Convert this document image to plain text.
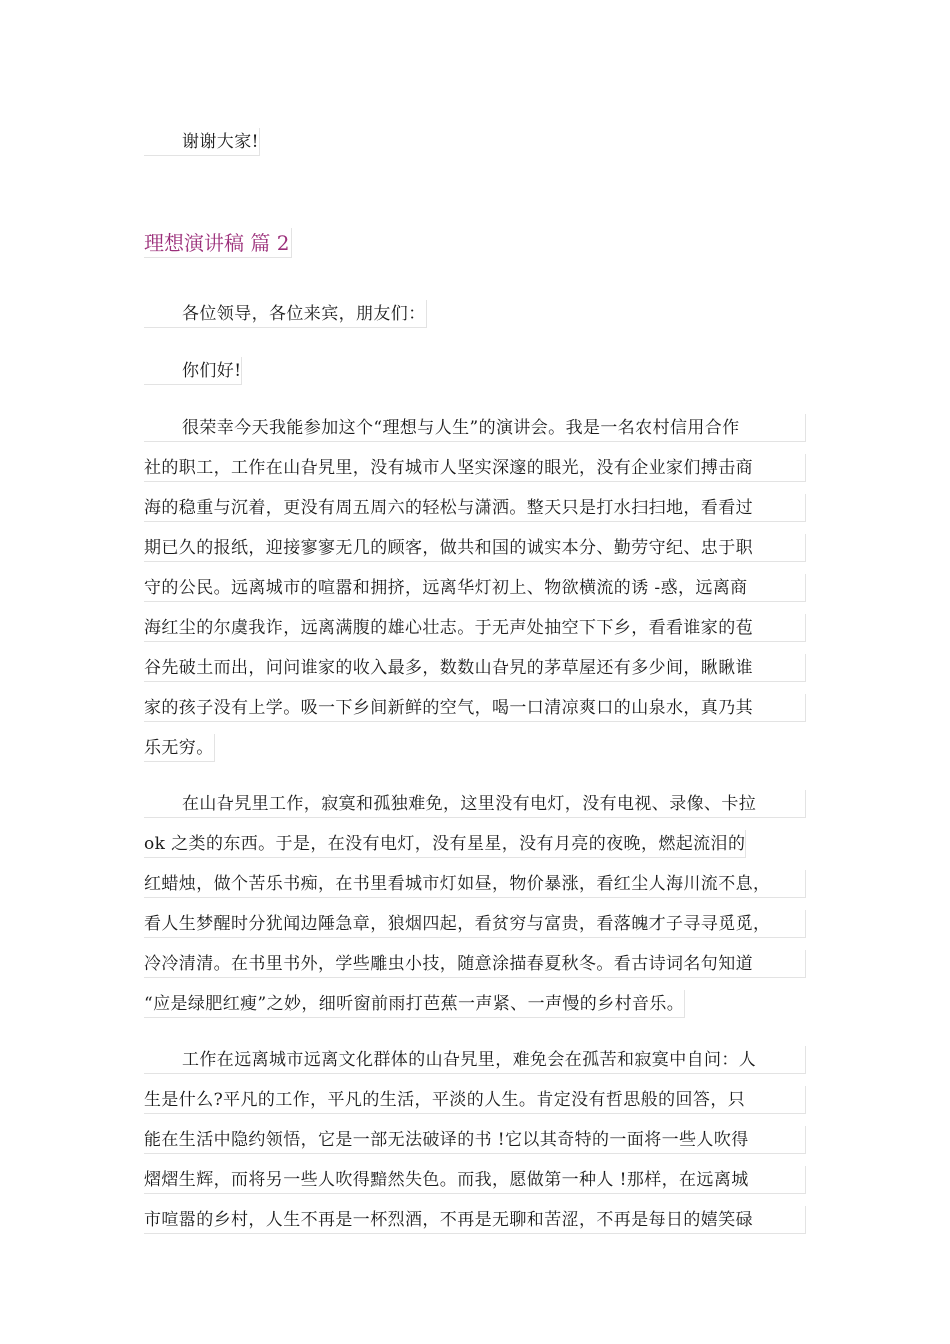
谢谢大家!
理想演讲稿 篇 2
各位领导，各位来宾，朋友们：
你们好!
很荣幸今天我能参加这个“理想与人生”的演讲会。我是一名农村信用合作
社的职工，工作在山旮旯里，没有城市人坚实深邃的眼光，没有企业家们搏击商
海的稳重与沉着，更没有周五周六的轻松与潇洒。整天只是打水扫扫地，看看过
期已久的报纸，迎接寥寥无几的顾客，做共和国的诚实本分、勤劳守纪、忠于职
守的公民。远离城市的喧嚣和拥挤，远离华灯初上、物欲横流的诱 -惑，远离商
海红尘的尔虞我诈，远离满腹的雄心壮志。于无声处抽空下下乡，看看谁家的苞
谷先破土而出，问问谁家的收入最多，数数山旮旯的茅草屋还有多少间，瞅瞅谁
家的孩子没有上学。吸一下乡间新鲜的空气，喝一口清凉爽口的山泉水，真乃其
乐无穷。
在山旮旯里工作，寂寞和孤独难免，这里没有电灯，没有电视、录像、卡拉
ok 之类的东西。于是，在没有电灯，没有星星，没有月亮的夜晚，燃起流泪的
红蜡烛，做个苦乐书痴，在书里看城市灯如昼，物价暴涨，看红尘人海川流不息，
看人生梦醒时分犹闻边陲急章，狼烟四起，看贫穷与富贵，看落魄才子寻寻觅觅，
冷冷清清。在书里书外，学些雕虫小技，随意涂描春夏秋冬。看古诗词名句知道
“应是绿肥红瘦”之妙，细听窗前雨打芭蕉一声紧、一声慢的乡村音乐。
工作在远离城市远离文化群体的山旮旯里，难免会在孤苦和寂寞中自问：人
生是什么?平凡的工作，平凡的生活，平淡的人生。肯定没有哲思般的回答，只
能在生活中隐约领悟，它是一部无法破译的书 !它以其奇特的一面将一些人吹得
熠熠生辉，而将另一些人吹得黯然失色。而我，愿做第一种人 !那样，在远离城
市喧嚣的乡村，人生不再是一杯烈酒，不再是无聊和苦涩，不再是每日的嬉笑碌
